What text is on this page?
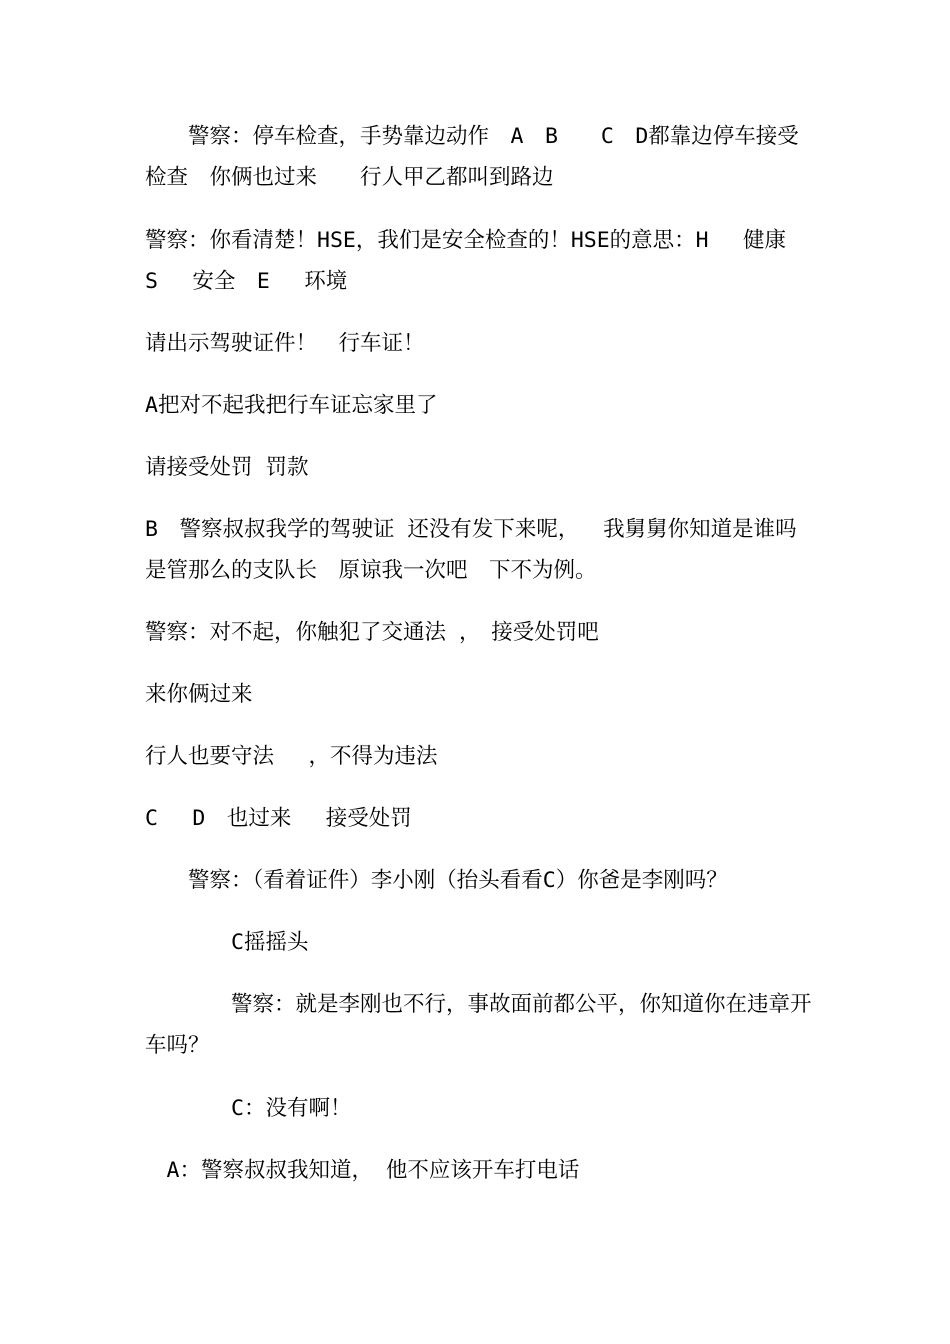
　　警察：停车检查，手势靠边动作　A　B　　C　D都靠边停车接受检查　你俩也过来　　行人甲乙都叫到路边

警察：你看清楚！HSE，我们是安全检查的！HSE的意思：H　 健康　S　 安全　E　 环境

请出示驾驶证件！　行车证！

A把对不起我把行车证忘家里了

请接受处罚 罚款

B　警察叔叔我学的驾驶证 还没有发下来呢，　 我舅舅你知道是谁吗　　是管那么的支队长　原谅我一次吧　下不为例。

警察：对不起，你触犯了交通法 ，　接受处罚吧

来你俩过来

行人也要守法　 ，不得为违法

C　 D　也过来　 接受处罚

　　警察：（看着证件）李小刚（抬头看看C）你爸是李刚吗？

　　　　C摇摇头

　　　　警察：就是李刚也不行，事故面前都公平，你知道你在违章开车吗？

　　　　C：没有啊！

　A：警察叔叔我知道， 他不应该开车打电话
